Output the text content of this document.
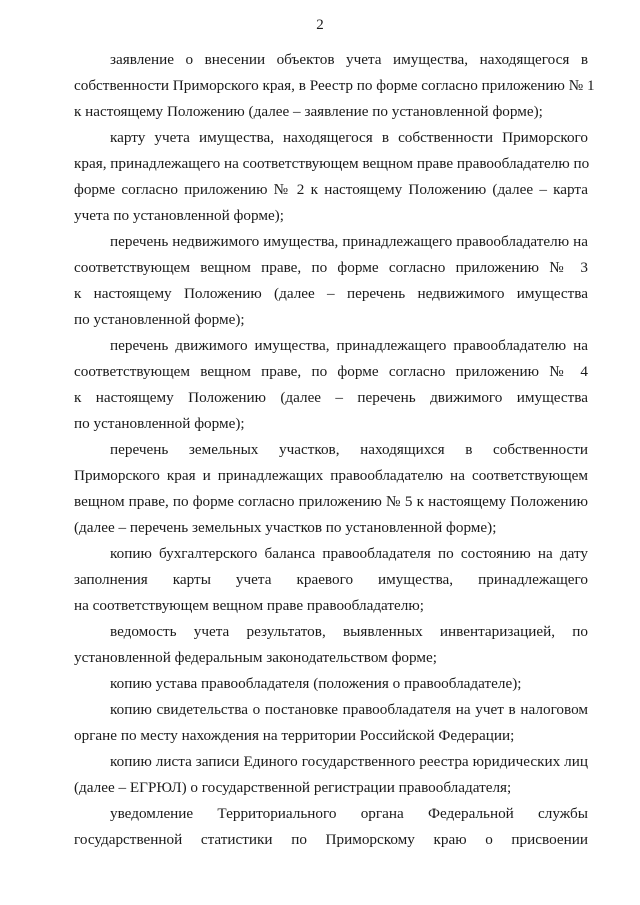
2
заявление о внесении объектов учета имущества, находящегося в
собственности Приморского края, в Реестр по форме согласно приложению № 1
к настоящему Положению (далее – заявление по установленной форме);
карту учета имущества, находящегося в собственности Приморского
края, принадлежащего на соответствующем вещном праве правообладателю по
форме согласно приложению № 2 к настоящему Положению (далее – карта
учета по установленной форме);
перечень недвижимого имущества, принадлежащего правообладателю на
соответствующем вещном праве, по форме согласно приложению № 3
к настоящему Положению (далее – перечень недвижимого имущества
по установленной форме);
перечень движимого имущества, принадлежащего правообладателю на
соответствующем вещном праве, по форме согласно приложению № 4
к настоящему Положению (далее – перечень движимого имущества
по установленной форме);
перечень земельных участков, находящихся в собственности
Приморского края и принадлежащих правообладателю на соответствующем
вещном праве, по форме согласно приложению № 5 к настоящему Положению
(далее – перечень земельных участков по установленной форме);
копию бухгалтерского баланса правообладателя по состоянию на дату
заполнения карты учета краевого имущества, принадлежащего
на соответствующем вещном праве правообладателю;
ведомость учета результатов, выявленных инвентаризацией, по
установленной федеральным законодательством форме;
копию устава правообладателя (положения о правообладателе);
копию свидетельства о постановке правообладателя на учет в налоговом
органе по месту нахождения на территории Российской Федерации;
копию листа записи Единого государственного реестра юридических лиц
(далее – ЕГРЮЛ) о государственной регистрации правообладателя;
уведомление Территориального органа Федеральной службы
государственной статистики по Приморскому краю о присвоении
